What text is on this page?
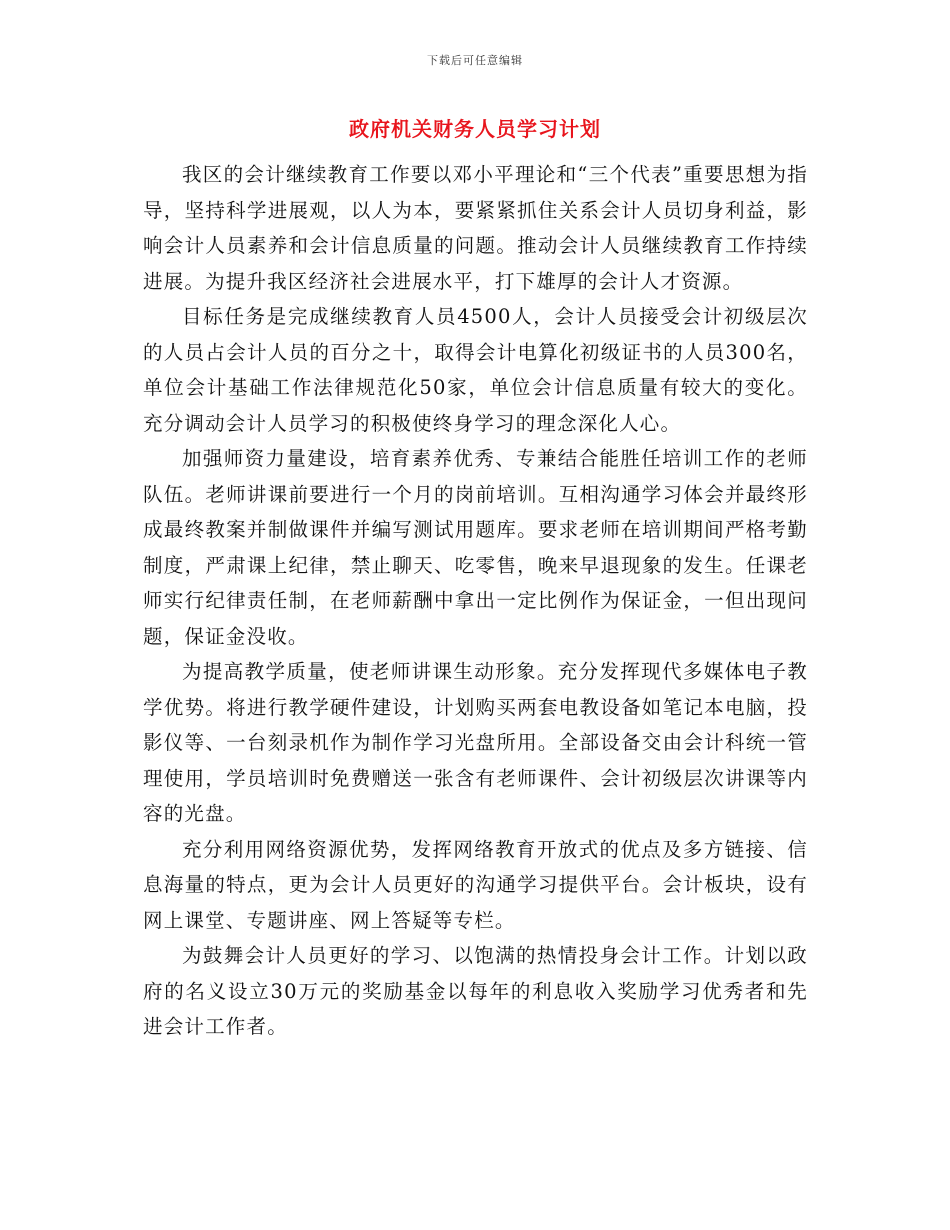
下载后可任意编辑
政府机关财务人员学习计划

我区的会计继续教育工作要以邓小平理论和“三个代表”重要思想为指导，坚持科学进展观，以人为本，要紧紧抓住关系会计人员切身利益，影响会计人员素养和会计信息质量的问题。推动会计人员继续教育工作持续进展。为提升我区经济社会进展水平，打下雄厚的会计人才资源。

目标任务是完成继续教育人员4500人，会计人员接受会计初级层次的人员占会计人员的百分之十，取得会计电算化初级证书的人员300名，单位会计基础工作法律规范化50家，单位会计信息质量有较大的变化。充分调动会计人员学习的积极使终身学习的理念深化人心。

加强师资力量建设，培育素养优秀、专兼结合能胜任培训工作的老师队伍。老师讲课前要进行一个月的岗前培训。互相沟通学习体会并最终形成最终教案并制做课件并编写测试用题库。要求老师在培训期间严格考勤制度，严肃课上纪律，禁止聊天、吃零售，晚来早退现象的发生。任课老师实行纪律责任制，在老师薪酬中拿出一定比例作为保证金，一但出现问题，保证金没收。

为提高教学质量，使老师讲课生动形象。充分发挥现代多媒体电子教学优势。将进行教学硬件建设，计划购买两套电教设备如笔记本电脑，投影仪等、一台刻录机作为制作学习光盘所用。全部设备交由会计科统一管理使用，学员培训时免费赠送一张含有老师课件、会计初级层次讲课等内容的光盘。

充分利用网络资源优势，发挥网络教育开放式的优点及多方链接、信息海量的特点，更为会计人员更好的沟通学习提供平台。会计板块，设有网上课堂、专题讲座、网上答疑等专栏。

为鼓舞会计人员更好的学习、以饱满的热情投身会计工作。计划以政府的名义设立30万元的奖励基金以每年的利息收入奖励学习优秀者和先进会计工作者。
